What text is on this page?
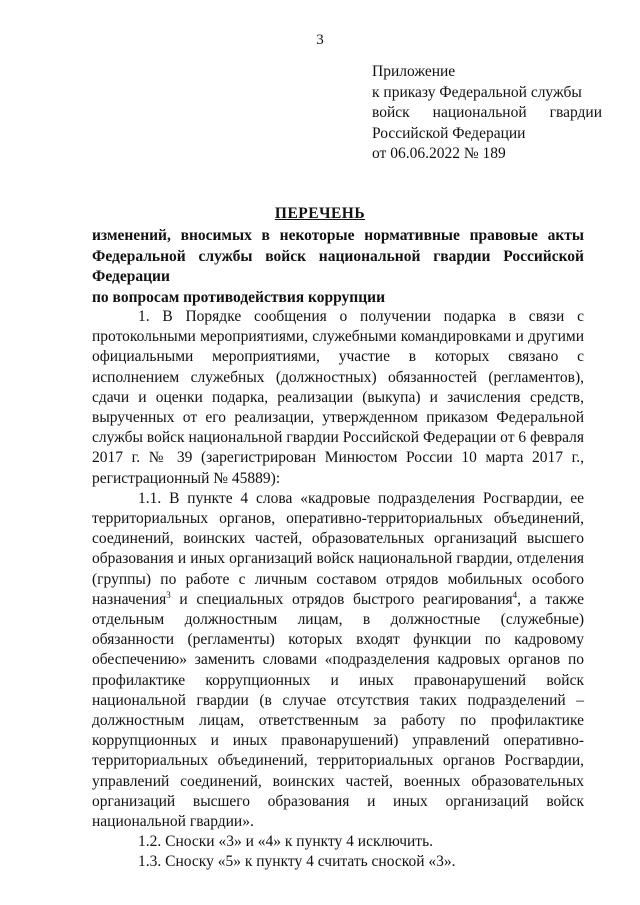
3
Приложение
к приказу Федеральной службы
войск национальной гвардии
Российской Федерации
от 06.06.2022 № 189
ПЕРЕЧЕНЬ
изменений, вносимых в некоторые нормативные правовые акты
Федеральной службы войск национальной гвардии Российской Федерации
по вопросам противодействия коррупции

1. В Порядке сообщения о получении подарка в связи с протокольными мероприятиями, служебными командировками и другими официальными мероприятиями, участие в которых связано с исполнением служебных (должностных) обязанностей (регламентов), сдачи и оценки подарка, реализации (выкупа) и зачисления средств, вырученных от его реализации, утвержденном приказом Федеральной службы войск национальной гвардии Российской Федерации от 6 февраля 2017 г. № 39 (зарегистрирован Минюстом России 10 марта 2017 г., регистрационный № 45889):

1.1. В пункте 4 слова «кадровые подразделения Росгвардии, ее территориальных органов, оперативно-территориальных объединений, соединений, воинских частей, образовательных организаций высшего образования и иных организаций войск национальной гвардии, отделения (группы) по работе с личным составом отрядов мобильных особого назначения$^3$ и специальных отрядов быстрого реагирования$^4$, а также отдельным должностным лицам, в должностные (служебные) обязанности (регламенты) которых входят функции по кадровому обеспечению» заменить словами «подразделения кадровых органов по профилактике коррупционных и иных правонарушений войск национальной гвардии (в случае отсутствия таких подразделений – должностным лицам, ответственным за работу по профилактике коррупционных и иных правонарушений) управлений оперативно-территориальных объединений, территориальных органов Росгвардии, управлений соединений, воинских частей, военных образовательных организаций высшего образования и иных организаций войск национальной гвардии».

1.2. Сноски «3» и «4» к пункту 4 исключить.

1.3. Сноску «5» к пункту 4 считать сноской «3».
